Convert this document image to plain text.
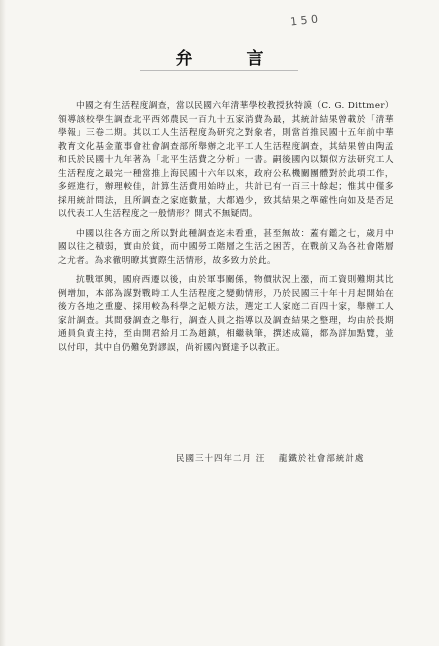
1 5 0
弁 言

中國之有生活程度調查，當以民國六年清華學校教授狄特謨（C. G. Dittmer）領導該校學生調查北平西郊農民一百九十五家消費為最，其統計結果曾載於「清華學報」三卷二期。其以工人生活程度為研究之對象者，則當首推民國十五年前中華教育文化基金董事會社會調查部所舉辦之北平工人生活程度調查，其結果曾由陶孟和氏於民國十九年著為「北平生活費之分析」一書。嗣後國內以類似方法研究工人生活程度之最完一種當推上海民國十六年以來，政府公私機關團體對於此項工作，多經進行，辦理較佳，計算生活費用始時止，共計已有一百三十餘起；惟其中僅多採用統計問法，且所調查之家庭數量，大都過少，致其結果之準確性向如及是否足以代表工人生活程度之一般情形？開式不無疑問。

中國以往各方面之所以對此種調查迄未看重，甚至無故：蓋有鑑之七，歲月中國以往之積弱，實由於貧，而中國勞工階層之生活之困苦，在戰前又為各社會階層之尤者。為求徹明瞭其實際生活情形，故多致力於此。

抗戰軍興，國府西遷以後，由於軍事關係，物價狀況上漲，而工資則難期其比例增加，本部為謀對戰時工人生活程度之變動情形，乃於民國三十年十月起開始在後方各地之重慶、採用較為科學之記帳方法，選定工人家庭二百四十家，舉辦工人家計調查。其間發調查之舉行，調查人員之指導以及調查結果之整理，均由於長期通員負責主持，至由開君給月工為趙鎮，相繼執筆，撰述成篇，都為詳加點覽，並以付印，其中自仍難免對謬誤，尚祈國內賢達予以教正。

民國三十四年二月 汪 龍鐵於社會部統計處
